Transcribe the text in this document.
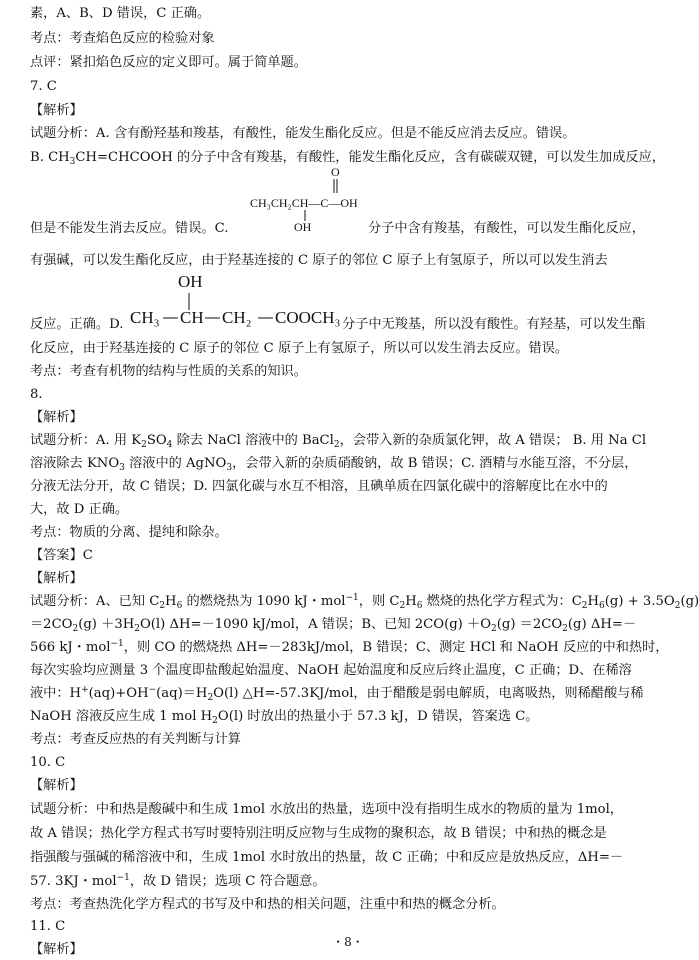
素，A、B、D 错误，C 正确。
考点：考查焰色反应的检验对象
点评：紧扣焰色反应的定义即可。属于简单题。
7. C
【解析】
试题分析：A. 含有酚羟基和羧基，有酸性，能发生酯化反应。但是不能反应消去反应。错误。
B. $CH_3CH=CHCOOH$ 的分子中含有羧基，有酸性，能发生酯化反应，含有碳碳双键，可以发生加成反应，
O
CH₃CH₂CH—C—OH
OH
但是不能发生消去反应。错误。C.	分子中含有羧基，有酸性，可以发生酯化反应，
有强碱，可以发生酯化反应，由于羟基连接的 C 原子的邻位 C 原子上有氢原子，所以可以发生消去
OH
CH₃ CH CH₂ COOCH₃
反应。正确。D.	分子中无羧基，所以没有酸性。有羟基，可以发生酯
化反应，由于羟基连接的 C 原子的邻位 C 原子上有氢原子，所以可以发生消去反应。错误。
考点：考查有机物的结构与性质的关系的知识。
8.
【解析】
试题分析：A. 用 $K_2SO_4$ 除去 NaCl 溶液中的 BaCl$_2$，会带入新的杂质氯化钾，故 A 错误； B. 用 Na Cl
溶液除去 $KNO_3$ 溶液中的 AgNO$_3$，会带入新的杂质硝酸钠，故 B 错误；C. 酒精与水能互溶，不分层，
分液无法分开，故 C 错误；D. 四氯化碳与水互不相溶，且碘单质在四氯化碳中的溶解度比在水中的
大，故 D 正确。
考点：物质的分离、提纯和除杂。
【答案】C
【解析】
试题分析：A、已知 $C_2H_6$ 的燃烧热为 1090 kJ・mol$^{-1}$，则 $C_2H_6$ 燃烧的热化学方程式为：$C_2H_6(g) + 3.5O_2(g)$
$=2CO_2(g) +3H_2O(l)$ ΔH=－1090 kJ/mol，A 错误；B、已知 $2CO(g) +O_2(g) =2CO_2(g)$ ΔH=－
566 kJ・mol$^{-1}$，则 CO 的燃烧热 ΔH=－283kJ/mol，B 错误；C、测定 HCl 和 NaOH 反应的中和热时，
每次实验均应测量 3 个温度即盐酸起始温度、NaOH 起始温度和反应后终止温度，C 正确；D、在稀溶
液中：$H^+(aq)+OH^-(aq)=H_2O(l)$ △H=-57.3KJ/mol，由于醋酸是弱电解质，电离吸热，则稀醋酸与稀
NaOH 溶液反应生成 1 mol $H_2O(l)$ 时放出的热量小于 57.3 kJ，D 错误，答案选 C。
考点：考查反应热的有关判断与计算
10. C
【解析】
试题分析：中和热是酸碱中和生成 1mol 水放出的热量，选项中没有指明生成水的物质的量为 1mol，
故 A 错误；热化学方程式书写时要特别注明反应物与生成物的聚积态，故 B 错误；中和热的概念是
指强酸与强碱的稀溶液中和，生成 1mol 水时放出的热量，故 C 正确；中和反应是放热反应，ΔH=－
57. 3KJ・mol$^{-1}$，故 D 错误；选项 C 符合题意。
考点：考查热洗化学方程式的书写及中和热的相关问题，注重中和热的概念分析。
11. C
【解析】	・8・
